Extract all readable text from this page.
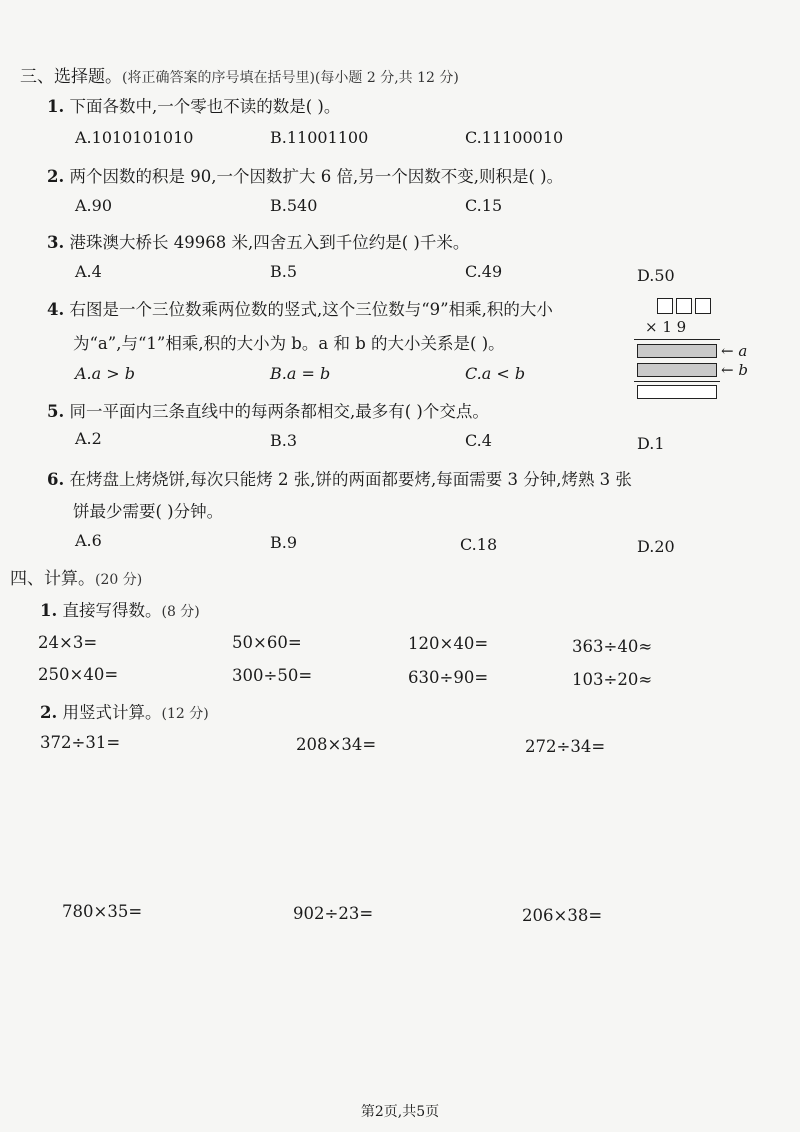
三、选择题。(将正确答案的序号填在括号里)(每小题 2 分,共 12 分)
1. 下面各数中,一个零也不读的数是( )。
A.1010101010	B.11001100	C.11100010
2. 两个因数的积是 90,一个因数扩大 6 倍,另一个因数不变,则积是( )。
A.90	B.540	C.15
3. 港珠澳大桥长 49968 米,四舍五入到千位约是( )千米。
A.4	B.5	C.49	D.50
4. 右图是一个三位数乘两位数的竖式,这个三位数与“9”相乘,积的大小
为“a”,与“1”相乘,积的大小为 b。a 和 b 的大小关系是( )。
A.a > b	B.a = b	C.a < b
× 1 9
← a
← b
5. 同一平面内三条直线中的每两条都相交,最多有( )个交点。
A.2	B.3	C.4	D.1
6. 在烤盘上烤烧饼,每次只能烤 2 张,饼的两面都要烤,每面需要 3 分钟,烤熟 3 张
饼最少需要( )分钟。
A.6	B.9	C.18	D.20
四、计算。(20 分)
1. 直接写得数。(8 分)
24×3=	50×60=	120×40=	363÷40≈
250×40=	300÷50=	630÷90=	103÷20≈
2. 用竖式计算。(12 分)
372÷31=	208×34=	272÷34=
780×35=	902÷23=	206×38=
第2页,共5页
